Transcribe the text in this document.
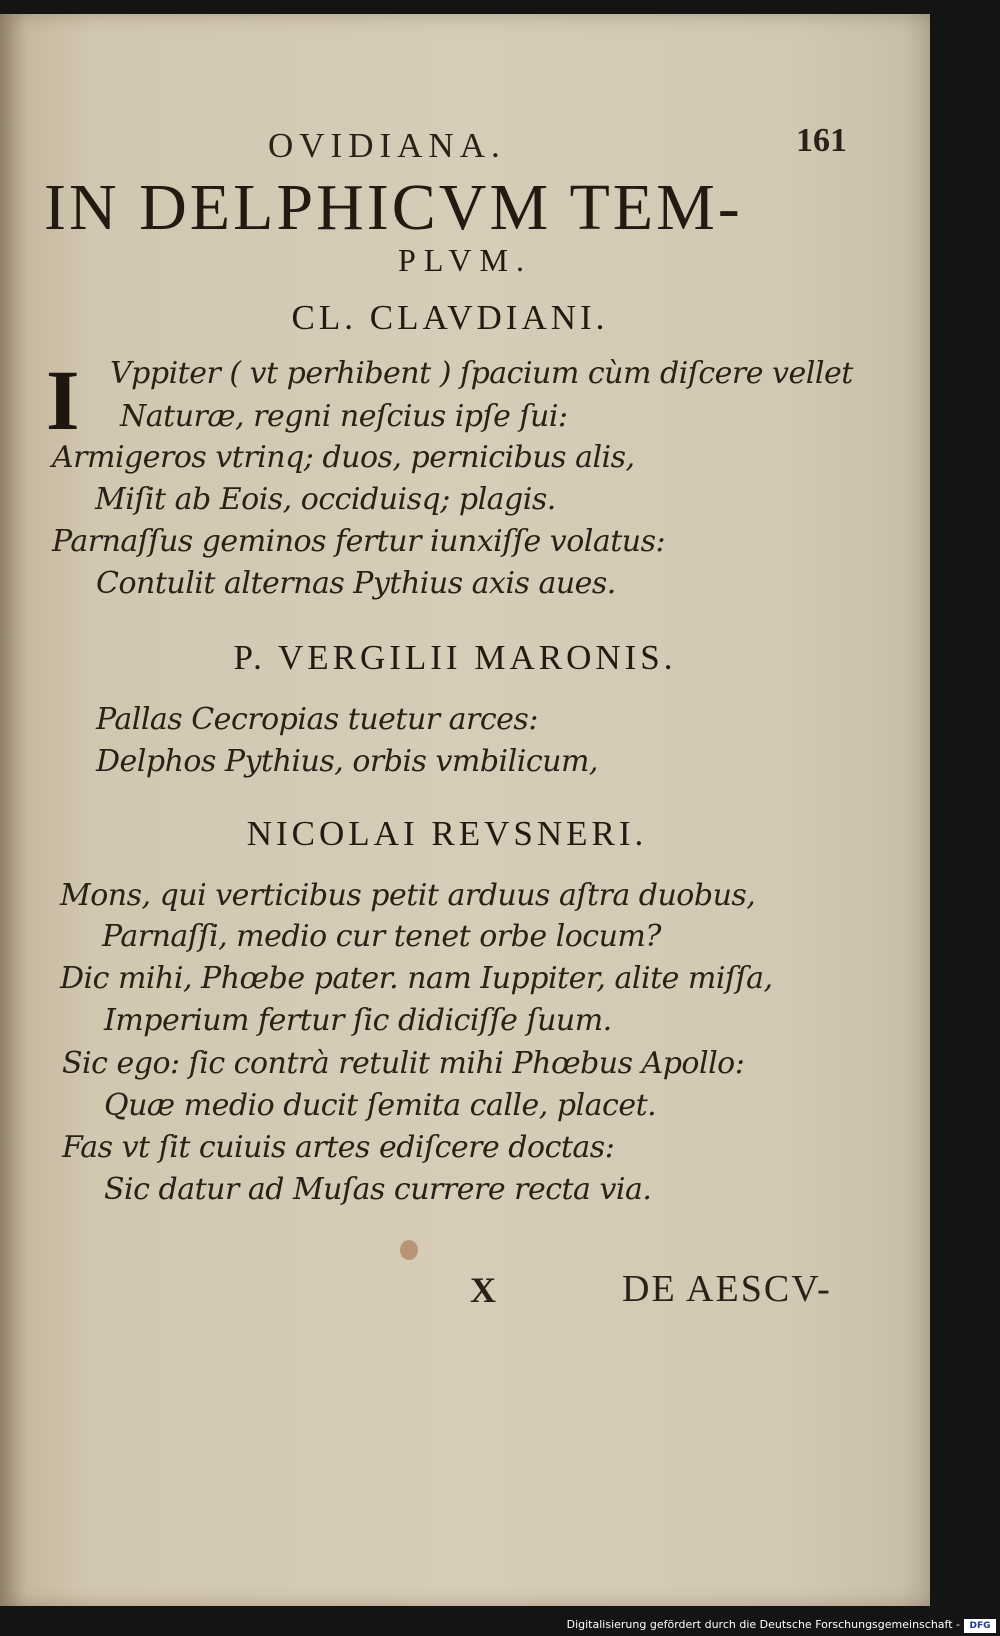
OVIDIANA.	161
IN DELPHICVM TEM-
PLVM.
CL. CLAVDIANI.
I Vppiter ( vt perhibent ) ſpacium cùm diſcere vellet
Naturæ, regni neſcius ipſe ſui:
Armigeros vtrinq; duos, pernicibus alis,
Miſit ab Eois, occiduisq; plagis.
Parnaſſus geminos fertur iunxiſſe volatus:
Contulit alternas Pythius axis aues.
P. VERGILII MARONIS.
Pallas Cecropias tuetur arces:
Delphos Pythius, orbis vmbilicum,
NICOLAI REVSNERI.
Mons, qui verticibus petit arduus aſtra duobus,
Parnaſſi, medio cur tenet orbe locum?
Dic mihi, Phœbe pater. nam Iuppiter, alite miſſa,
Imperium fertur ſic didiciſſe ſuum.
Sic ego: ſic contrà retulit mihi Phœbus Apollo:
Quæ medio ducit ſemita calle, placet.
Fas vt ſit cuiuis artes ediſcere doctas:
Sic datur ad Muſas currere recta via.
X	DE AESCV-
Digitalisierung gefördert durch die Deutsche Forschungsgemeinschaft -	DFG
